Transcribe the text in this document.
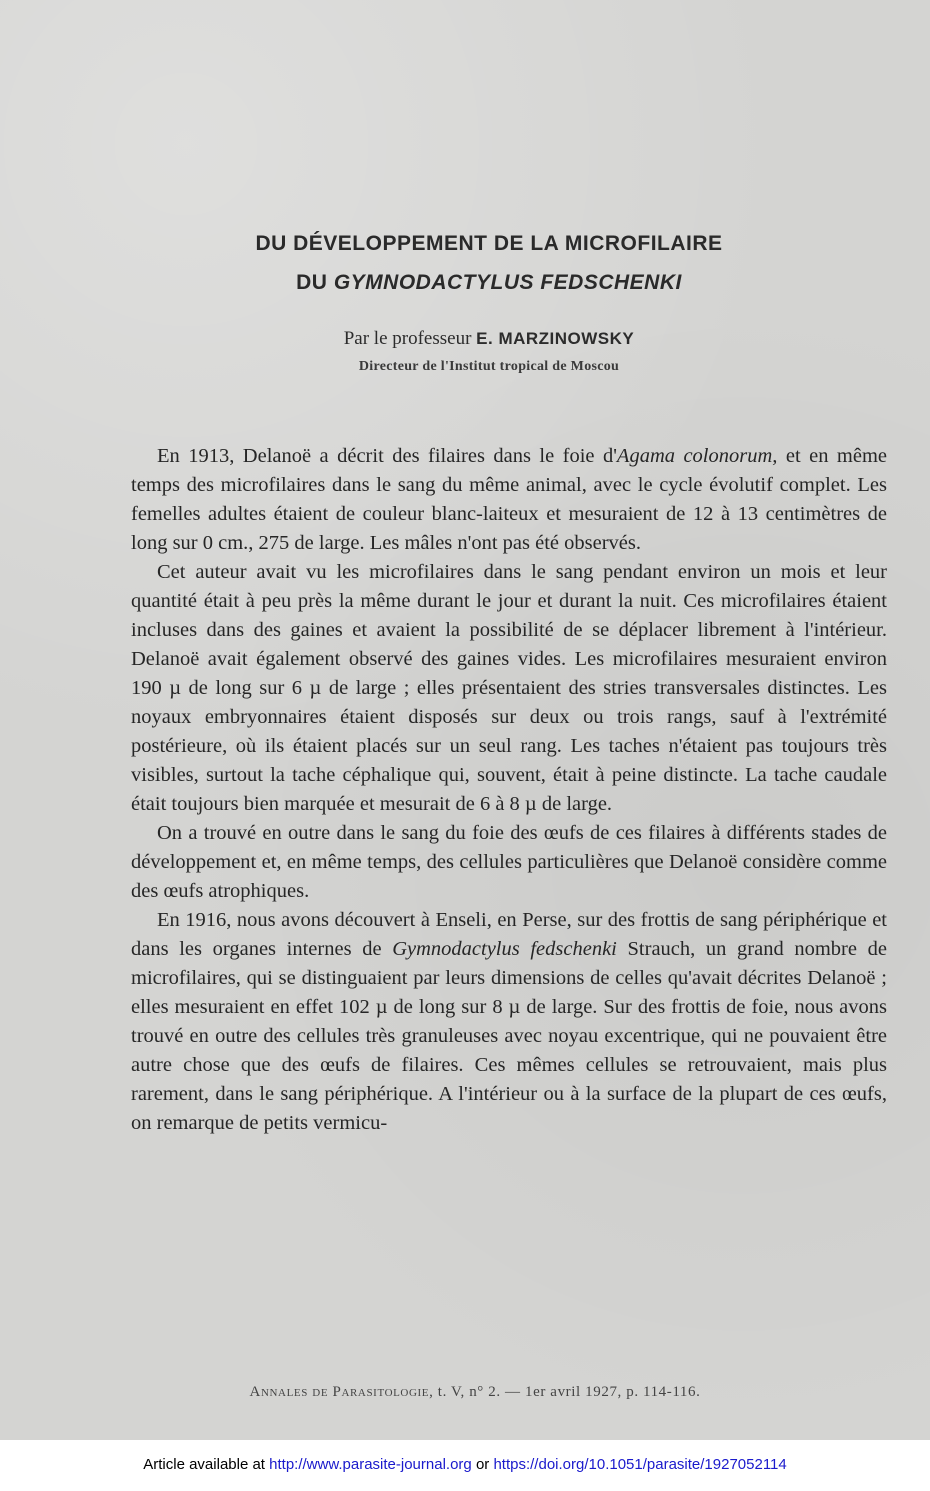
DU DÉVELOPPEMENT DE LA MICROFILAIRE
DU GYMNODACTYLUS FEDSCHENKI
Par le professeur E. MARZINOWSKY
Directeur de l'Institut tropical de Moscou

En 1913, Delanoë a décrit des filaires dans le foie d'Agama colonorum, et en même temps des microfilaires dans le sang du même animal, avec le cycle évolutif complet. Les femelles adultes étaient de couleur blanc-laiteux et mesuraient de 12 à 13 centimètres de long sur 0 cm., 275 de large. Les mâles n'ont pas été observés.

Cet auteur avait vu les microfilaires dans le sang pendant environ un mois et leur quantité était à peu près la même durant le jour et durant la nuit. Ces microfilaires étaient incluses dans des gaines et avaient la possibilité de se déplacer librement à l'intérieur. Delanoë avait également observé des gaines vides. Les microfilaires mesuraient environ 190 µ de long sur 6 µ de large ; elles présentaient des stries transversales distinctes. Les noyaux embryonnaires étaient disposés sur deux ou trois rangs, sauf à l'extrémité postérieure, où ils étaient placés sur un seul rang. Les taches n'étaient pas toujours très visibles, surtout la tache céphalique qui, souvent, était à peine distincte. La tache caudale était toujours bien marquée et mesurait de 6 à 8 µ de large.

On a trouvé en outre dans le sang du foie des œufs de ces filaires à différents stades de développement et, en même temps, des cellules particulières que Delanoë considère comme des œufs atrophiques.

En 1916, nous avons découvert à Enseli, en Perse, sur des frottis de sang périphérique et dans les organes internes de Gymnodactylus fedschenki Strauch, un grand nombre de microfilaires, qui se distinguaient par leurs dimensions de celles qu'avait décrites Delanoë ; elles mesuraient en effet 102 µ de long sur 8 µ de large. Sur des frottis de foie, nous avons trouvé en outre des cellules très granuleuses avec noyau excentrique, qui ne pouvaient être autre chose que des œufs de filaires. Ces mêmes cellules se retrouvaient, mais plus rarement, dans le sang périphérique. A l'intérieur ou à la surface de la plupart de ces œufs, on remarque de petits vermicu-

Annales de Parasitologie, t. V, n° 2. — 1er avril 1927, p. 114-116.
Article available at http://www.parasite-journal.org or https://doi.org/10.1051/parasite/1927052114
